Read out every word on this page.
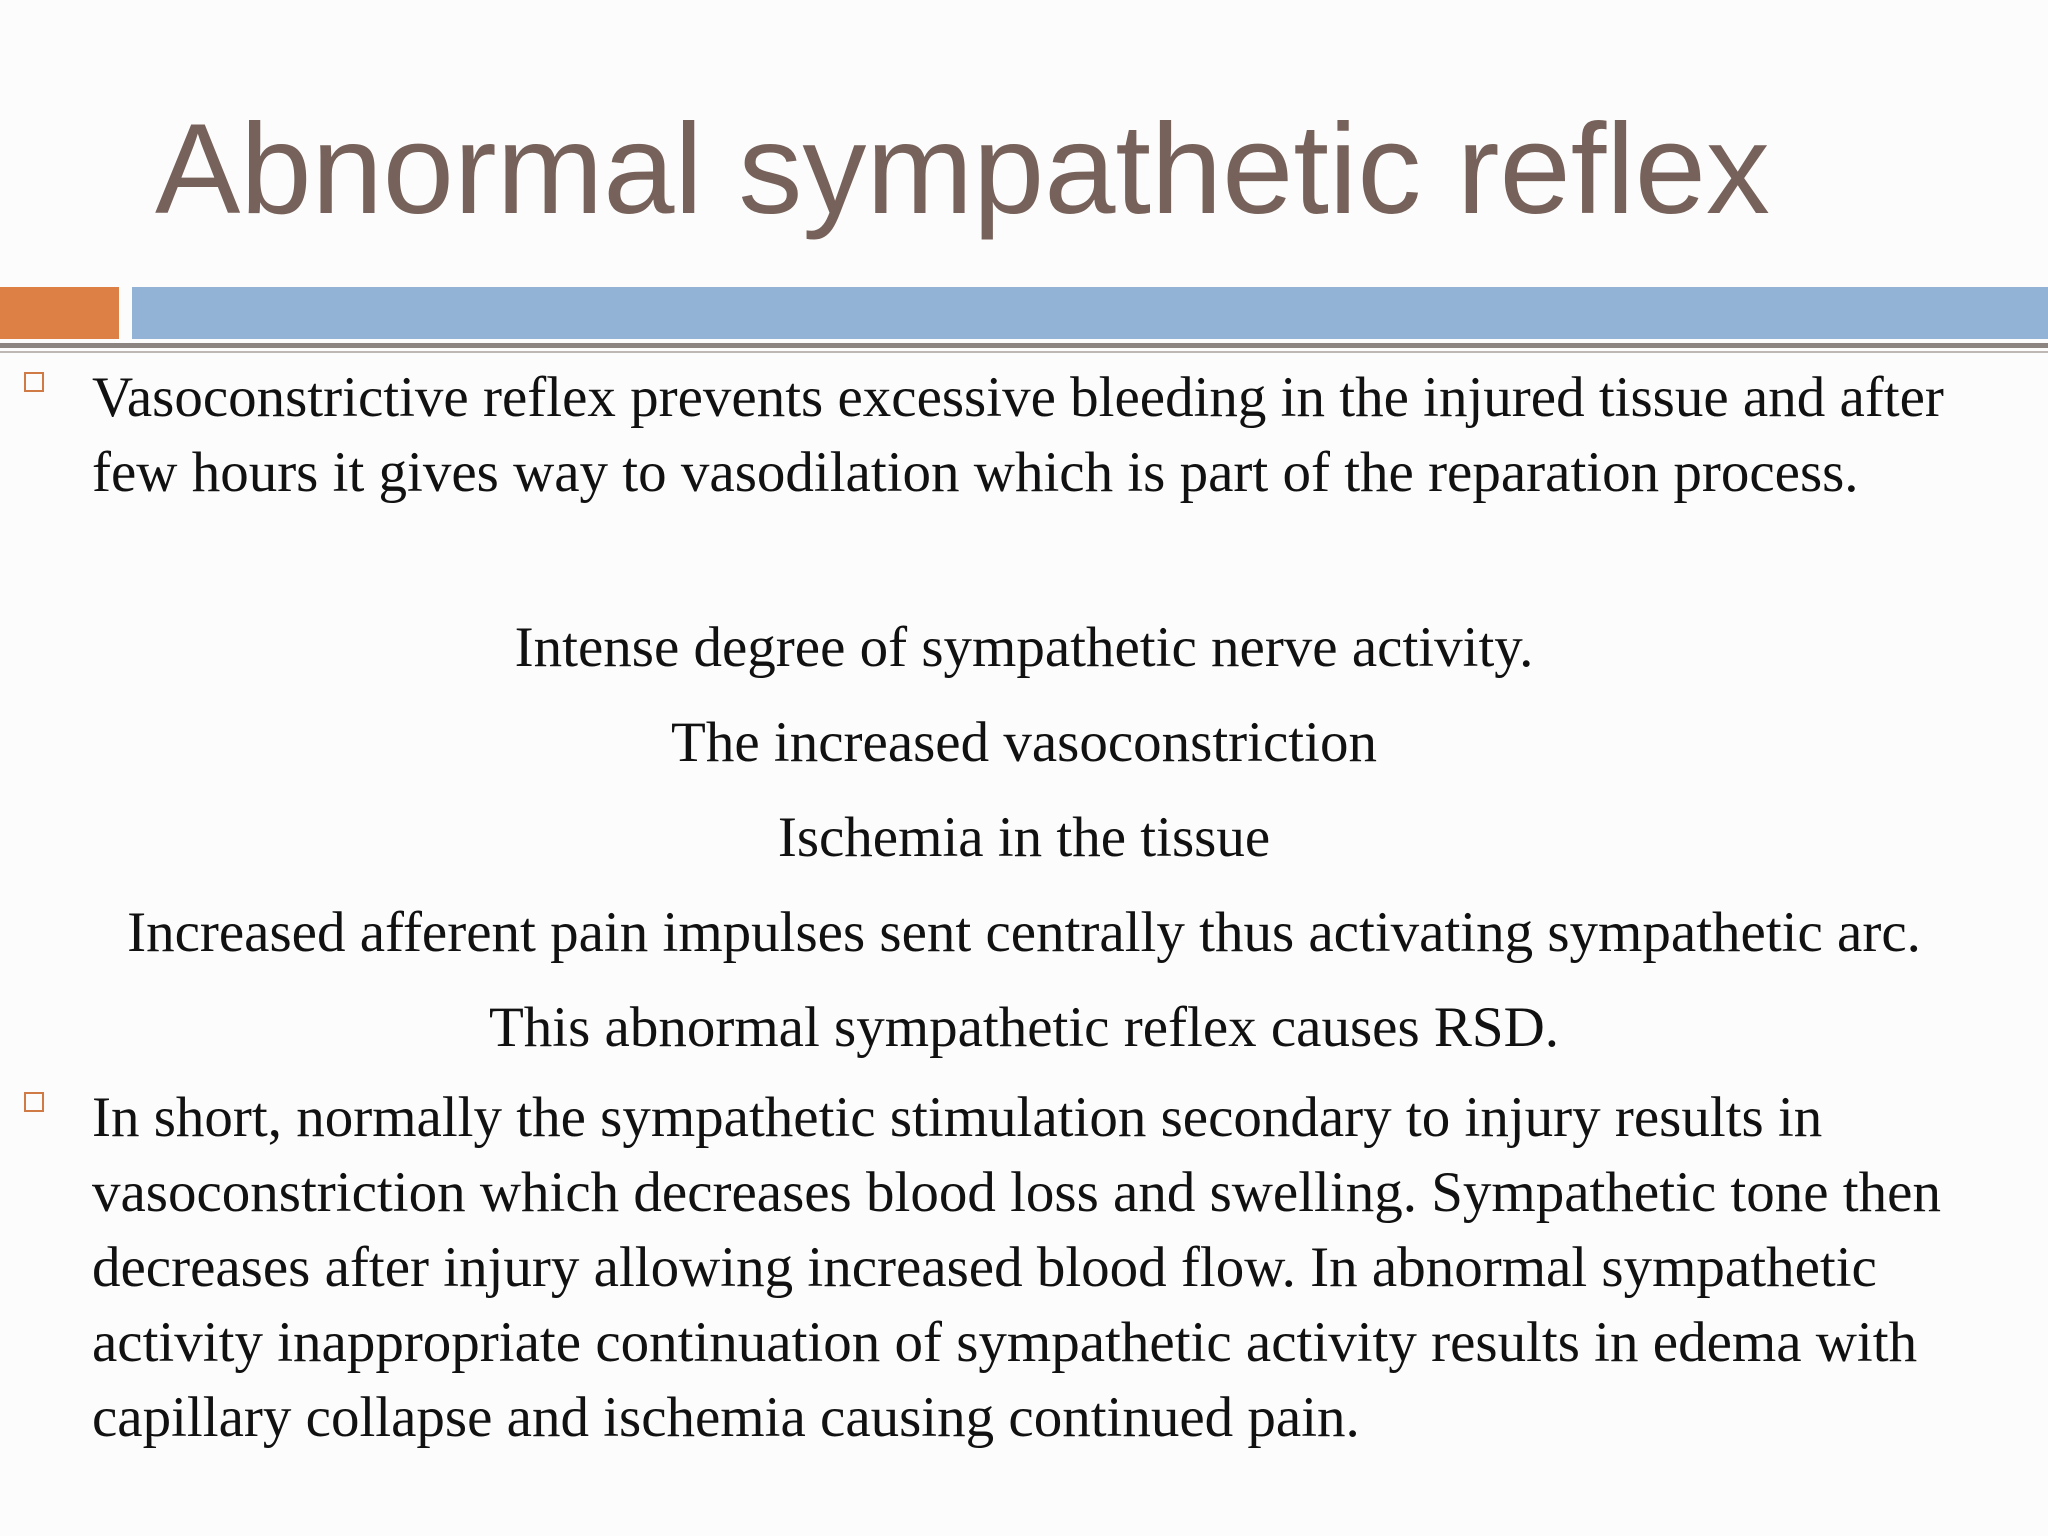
Abnormal sympathetic reflex

Vasoconstrictive reflex prevents excessive bleeding in the injured tissue and after few hours it gives way to vasodilation which is part of the reparation process.

Intense degree of sympathetic nerve activity.
The increased vasoconstriction
Ischemia in the tissue
Increased afferent pain impulses sent centrally thus activating sympathetic arc.
This abnormal sympathetic reflex causes RSD.

In short, normally the sympathetic stimulation secondary to injury results in vasoconstriction which decreases blood loss and swelling. Sympathetic tone then decreases after injury allowing increased blood flow. In abnormal sympathetic activity inappropriate continuation of sympathetic activity results in edema with capillary collapse and ischemia causing continued pain.
